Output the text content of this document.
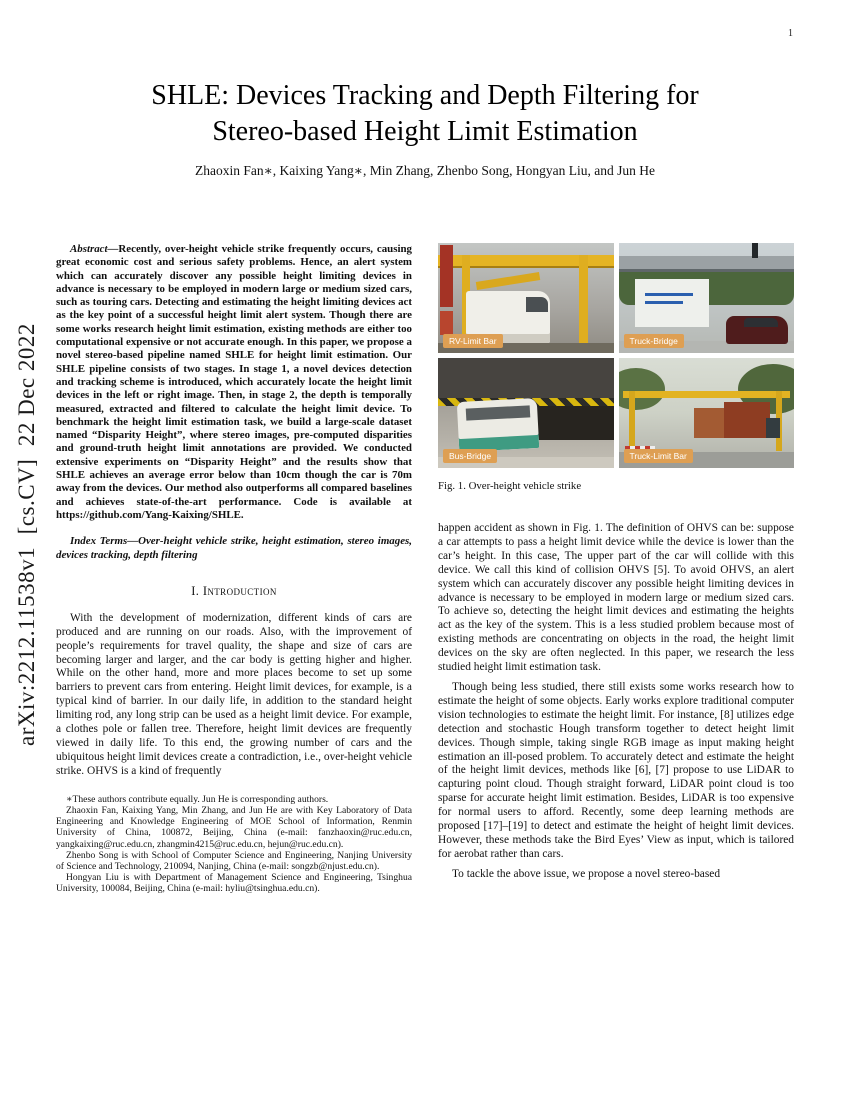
1
arXiv:2212.11538v1  [cs.CV]  22 Dec 2022
SHLE: Devices Tracking and Depth Filtering for
Stereo-based Height Limit Estimation
Zhaoxin Fan∗, Kaixing Yang∗, Min Zhang, Zhenbo Song, Hongyan Liu, and Jun He

Abstract—Recently, over-height vehicle strike frequently occurs, causing great economic cost and serious safety problems. Hence, an alert system which can accurately discover any possible height limiting devices in advance is necessary to be employed in modern large or medium sized cars, such as touring cars. Detecting and estimating the height limiting devices act as the key point of a successful height limit alert system. Though there are some works research height limit estimation, existing methods are either too computational expensive or not accurate enough. In this paper, we propose a novel stereo-based pipeline named SHLE for height limit estimation. Our SHLE pipeline consists of two stages. In stage 1, a novel devices detection and tracking scheme is introduced, which accurately locate the height limit devices in the left or right image. Then, in stage 2, the depth is temporally measured, extracted and filtered to calculate the height limit device. To benchmark the height limit estimation task, we build a large-scale dataset named “Disparity Height”, where stereo images, pre-computed disparities and ground-truth height limit annotations are provided. We conducted extensive experiments on “Disparity Height” and the results show that SHLE achieves an average error below than 10cm though the car is 70m away from the devices. Our method also outperforms all compared baselines and achieves state-of-the-art performance. Code is available at https://github.com/Yang-Kaixing/SHLE.

Index Terms—Over-height vehicle strike, height estimation, stereo images, devices tracking, depth filtering

I. Introduction

With the development of modernization, different kinds of cars are produced and are running on our roads. Also, with the improvement of people’s requirements for travel quality, the shape and size of cars are becoming larger and larger, and the car body is getting higher and higher. While on the other hand, more and more places become to set up some barriers to prevent cars from entering. Height limit devices, for example, is a typical kind of barrier. In our daily life, in addition to the standard height limiting rod, any long strip can be used as a height limit device. For example, a clothes pole or fallen tree. Therefore, height limit devices are frequently viewed in daily life. To this end, the growing number of cars and the ubiquitous height limit devices create a contradiction, i.e., over-height vehicle strike. OHVS is a kind of frequently

∗These authors contribute equally. Jun He is corresponding authors.

Zhaoxin Fan, Kaixing Yang, Min Zhang, and Jun He are with Key Laboratory of Data Engineering and Knowledge Engineering of MOE School of Information, Renmin University of China, 100872, Beijing, China (e-mail: fanzhaoxin@ruc.edu.cn, yangkaixing@ruc.edu.cn, zhangmin4215@ruc.edu.cn, hejun@ruc.edu.cn).

Zhenbo Song is with School of Computer Science and Engineering, Nanjing University of Science and Technology, 210094, Nanjing, China (e-mail: songzb@njust.edu.cn).

Hongyan Liu is with Department of Management Science and Engineering, Tsinghua University, 100084, Beijing, China (e-mail: hyliu@tsinghua.edu.cn).

RV-Limit Bar	Truck-Bridge
Bus-Bridge	Truck-Limit Bar
Fig. 1. Over-height vehicle strike

happen accident as shown in Fig. 1. The definition of OHVS can be: suppose a car attempts to pass a height limit device while the device is lower than the car’s height. In this case, The upper part of the car will collide with this device. We call this kind of collision OHVS [5]. To avoid OHVS, an alert system which can accurately discover any possible height limiting devices in advance is necessary to be employed in modern large or medium sized cars. To achieve so, detecting the height limit devices and estimating the heights act as the key of the system. This is a less studied problem because most of existing methods are concentrating on objects in the road, the height limit devices on the sky are often neglected. In this paper, we research the less studied height limit estimation task.

Though being less studied, there still exists some works research how to estimate the height of some objects. Early works explore traditional computer vision technologies to estimate the height limit. For instance, [8] utilizes edge detection and stochastic Hough transform together to detect height limit devices. Though simple, taking single RGB image as input making height estimation an ill-posed problem. To accurately detect and estimate the height of the height limit devices, methods like [6], [7] propose to use LiDAR to capturing point cloud. Though straight forward, LiDAR point cloud is too sparse for accurate height limit estimation. Besides, LiDAR is too expensive for normal users to afford. Recently, some deep learning methods are proposed [17]–[19] to detect and estimate the height of height limit devices. However, these methods take the Bird Eyes’ View as input, which is tailored for aerobat rather than cars.

To tackle the above issue, we propose a novel stereo-based
